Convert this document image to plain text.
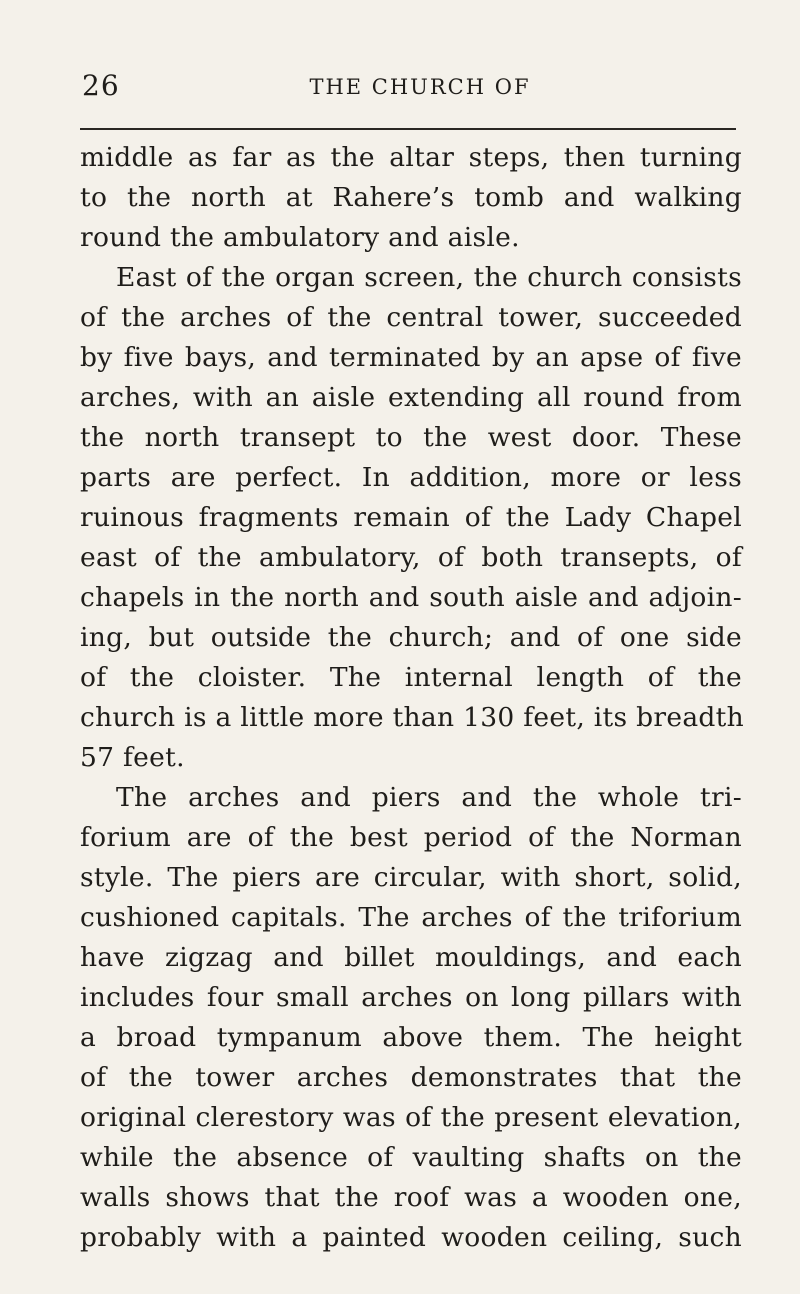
26	THE CHURCH OF
middle as far as the altar steps, then turning
to the north at Rahere’s tomb and walking
round the ambulatory and aisle.
East of the organ screen, the church consists
of the arches of the central tower, succeeded
by five bays, and terminated by an apse of five
arches, with an aisle extending all round from
the north transept to the west door. These
parts are perfect. In addition, more or less
ruinous fragments remain of the Lady Chapel
east of the ambulatory, of both transepts, of
chapels in the north and south aisle and adjoin-
ing, but outside the church; and of one side
of the cloister. The internal length of the
church is a little more than 130 feet, its breadth
57 feet.
The arches and piers and the whole tri-
forium are of the best period of the Norman
style. The piers are circular, with short, solid,
cushioned capitals. The arches of the triforium
have zigzag and billet mouldings, and each
includes four small arches on long pillars with
a broad tympanum above them. The height
of the tower arches demonstrates that the
original clerestory was of the present elevation,
while the absence of vaulting shafts on the
walls shows that the roof was a wooden one,
probably with a painted wooden ceiling, such
